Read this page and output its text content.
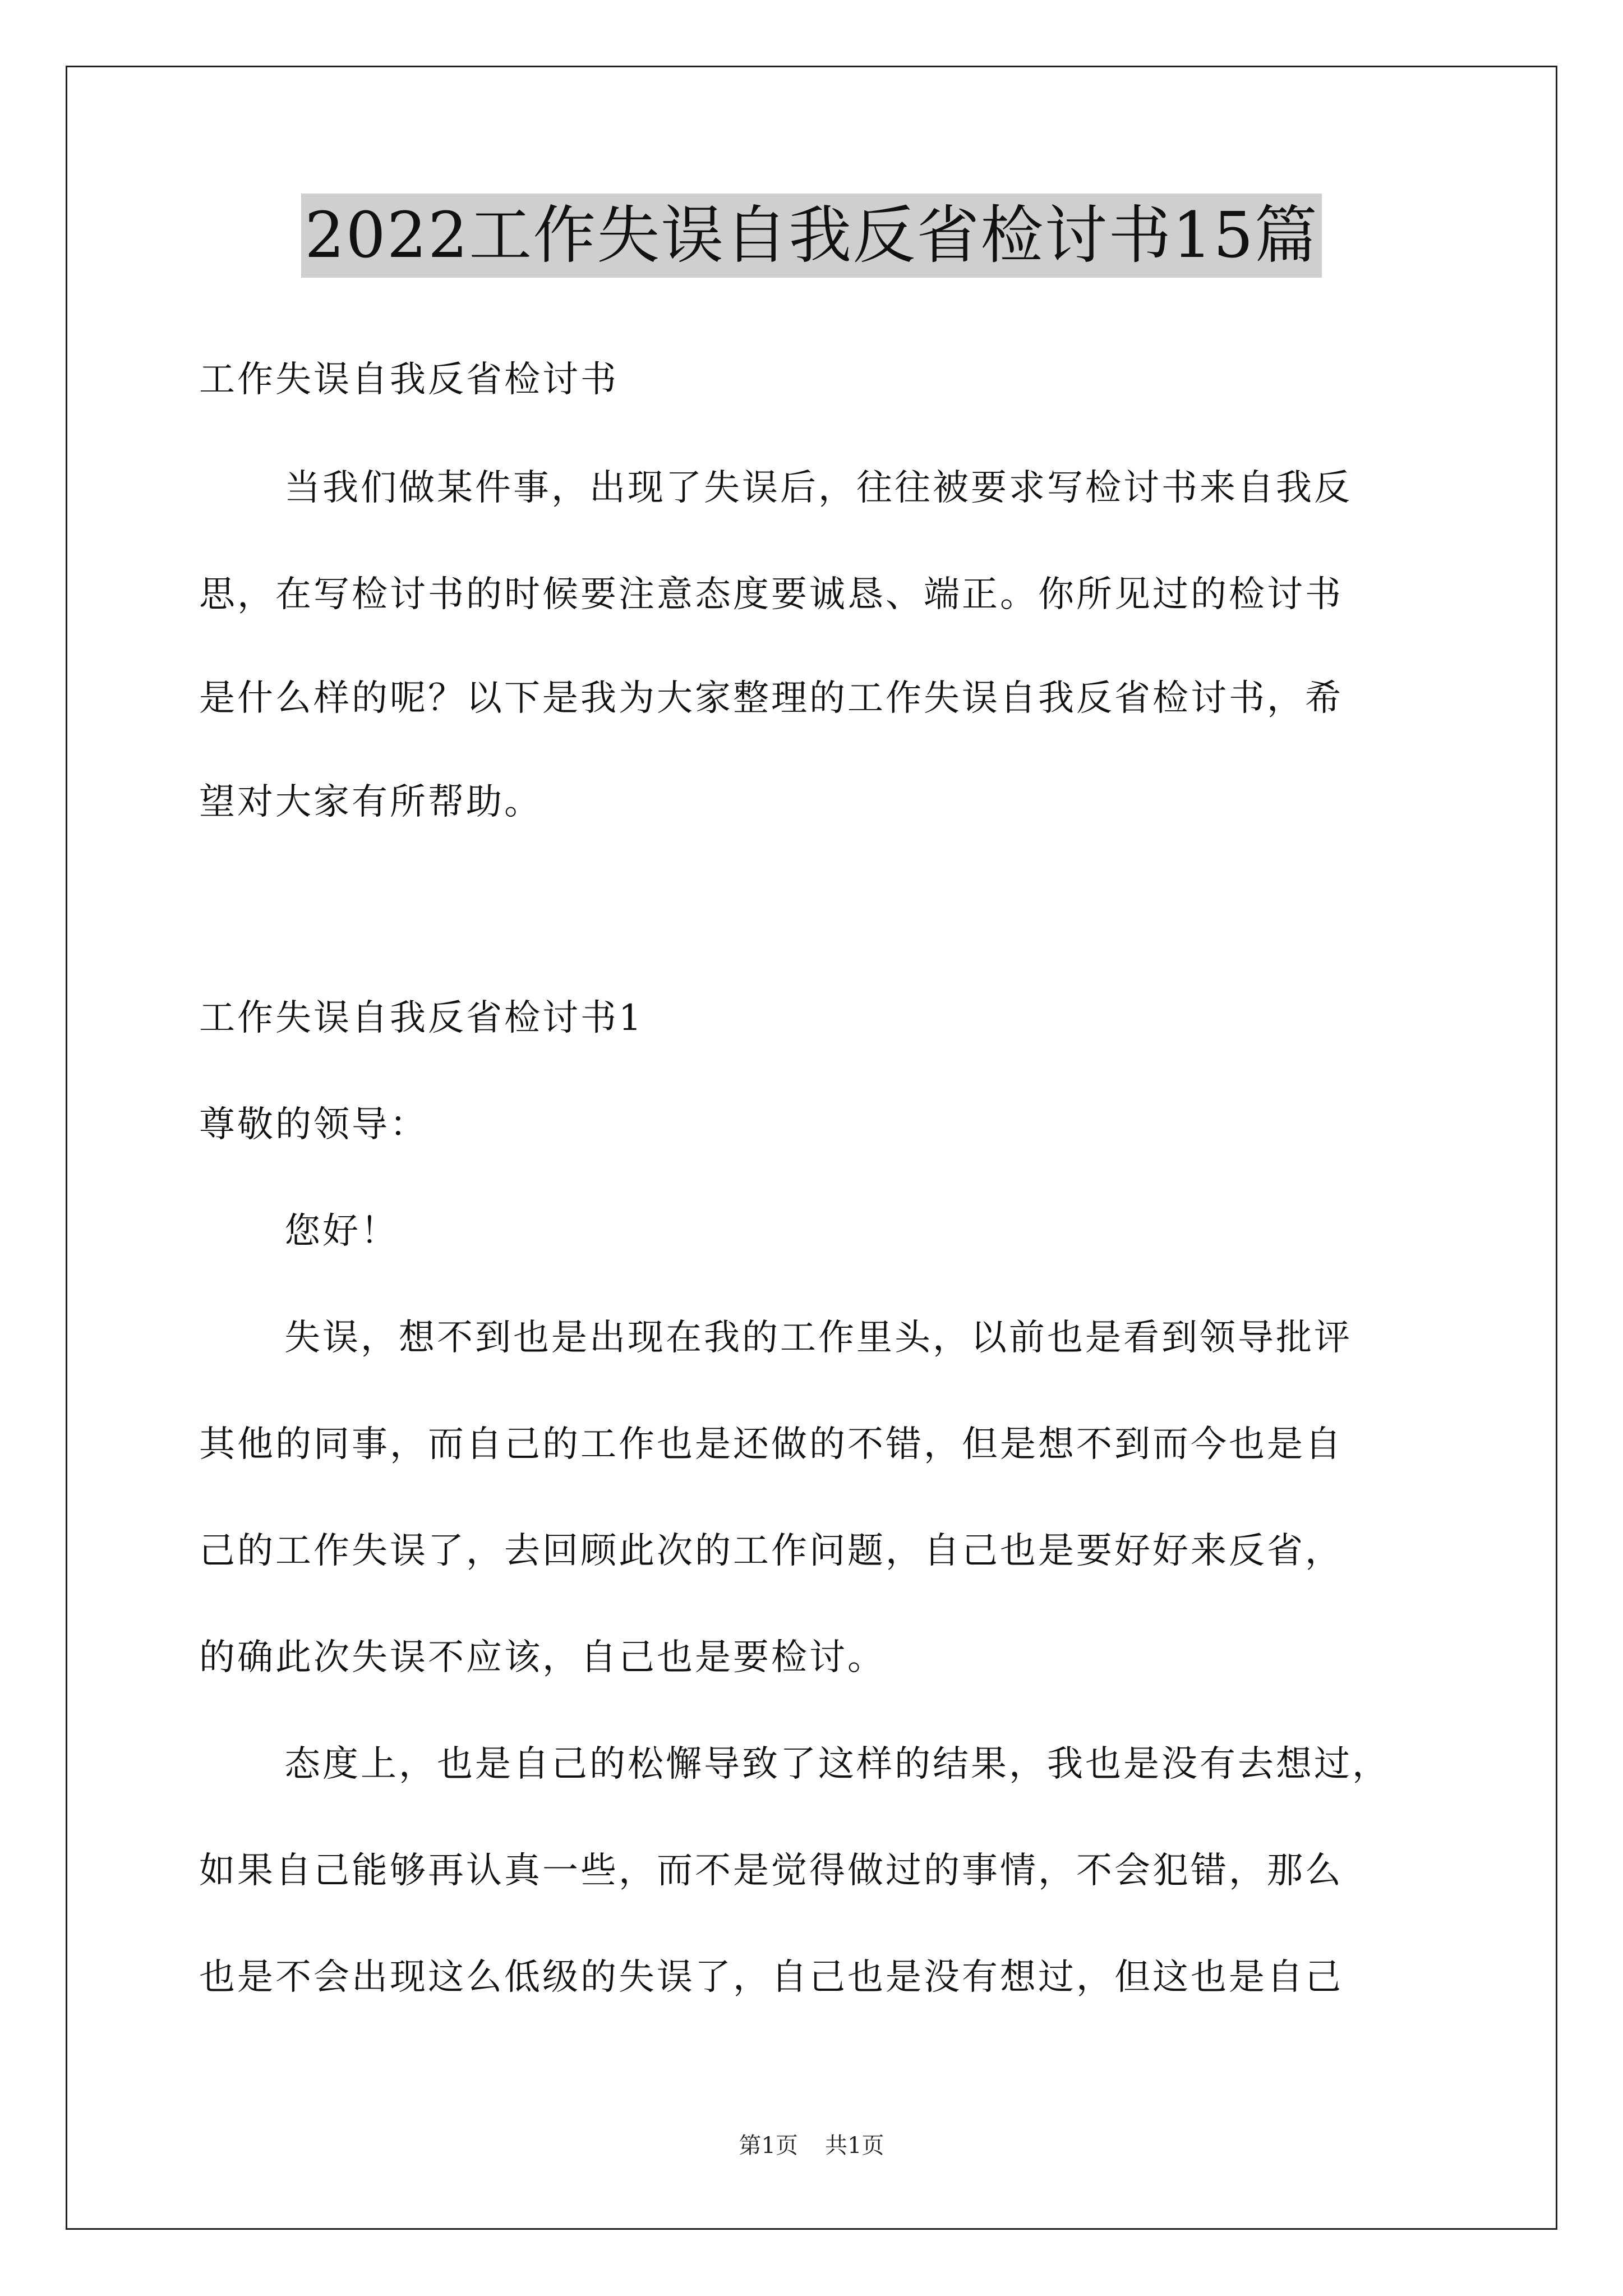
2022工作失误自我反省检讨书15篇
工作失误自我反省检讨书
当我们做某件事，出现了失误后，往往被要求写检讨书来自我反
思，在写检讨书的时候要注意态度要诚恳、端正。你所见过的检讨书
是什么样的呢？以下是我为大家整理的工作失误自我反省检讨书，希
望对大家有所帮助。
工作失误自我反省检讨书1
尊敬的领导：
您好！
失误，想不到也是出现在我的工作里头，以前也是看到领导批评
其他的同事，而自己的工作也是还做的不错，但是想不到而今也是自
己的工作失误了，去回顾此次的工作问题，自己也是要好好来反省，
的确此次失误不应该，自己也是要检讨。
态度上，也是自己的松懈导致了这样的结果，我也是没有去想过，
如果自己能够再认真一些，而不是觉得做过的事情，不会犯错，那么
也是不会出现这么低级的失误了，自己也是没有想过，但这也是自己
第1页 共1页
